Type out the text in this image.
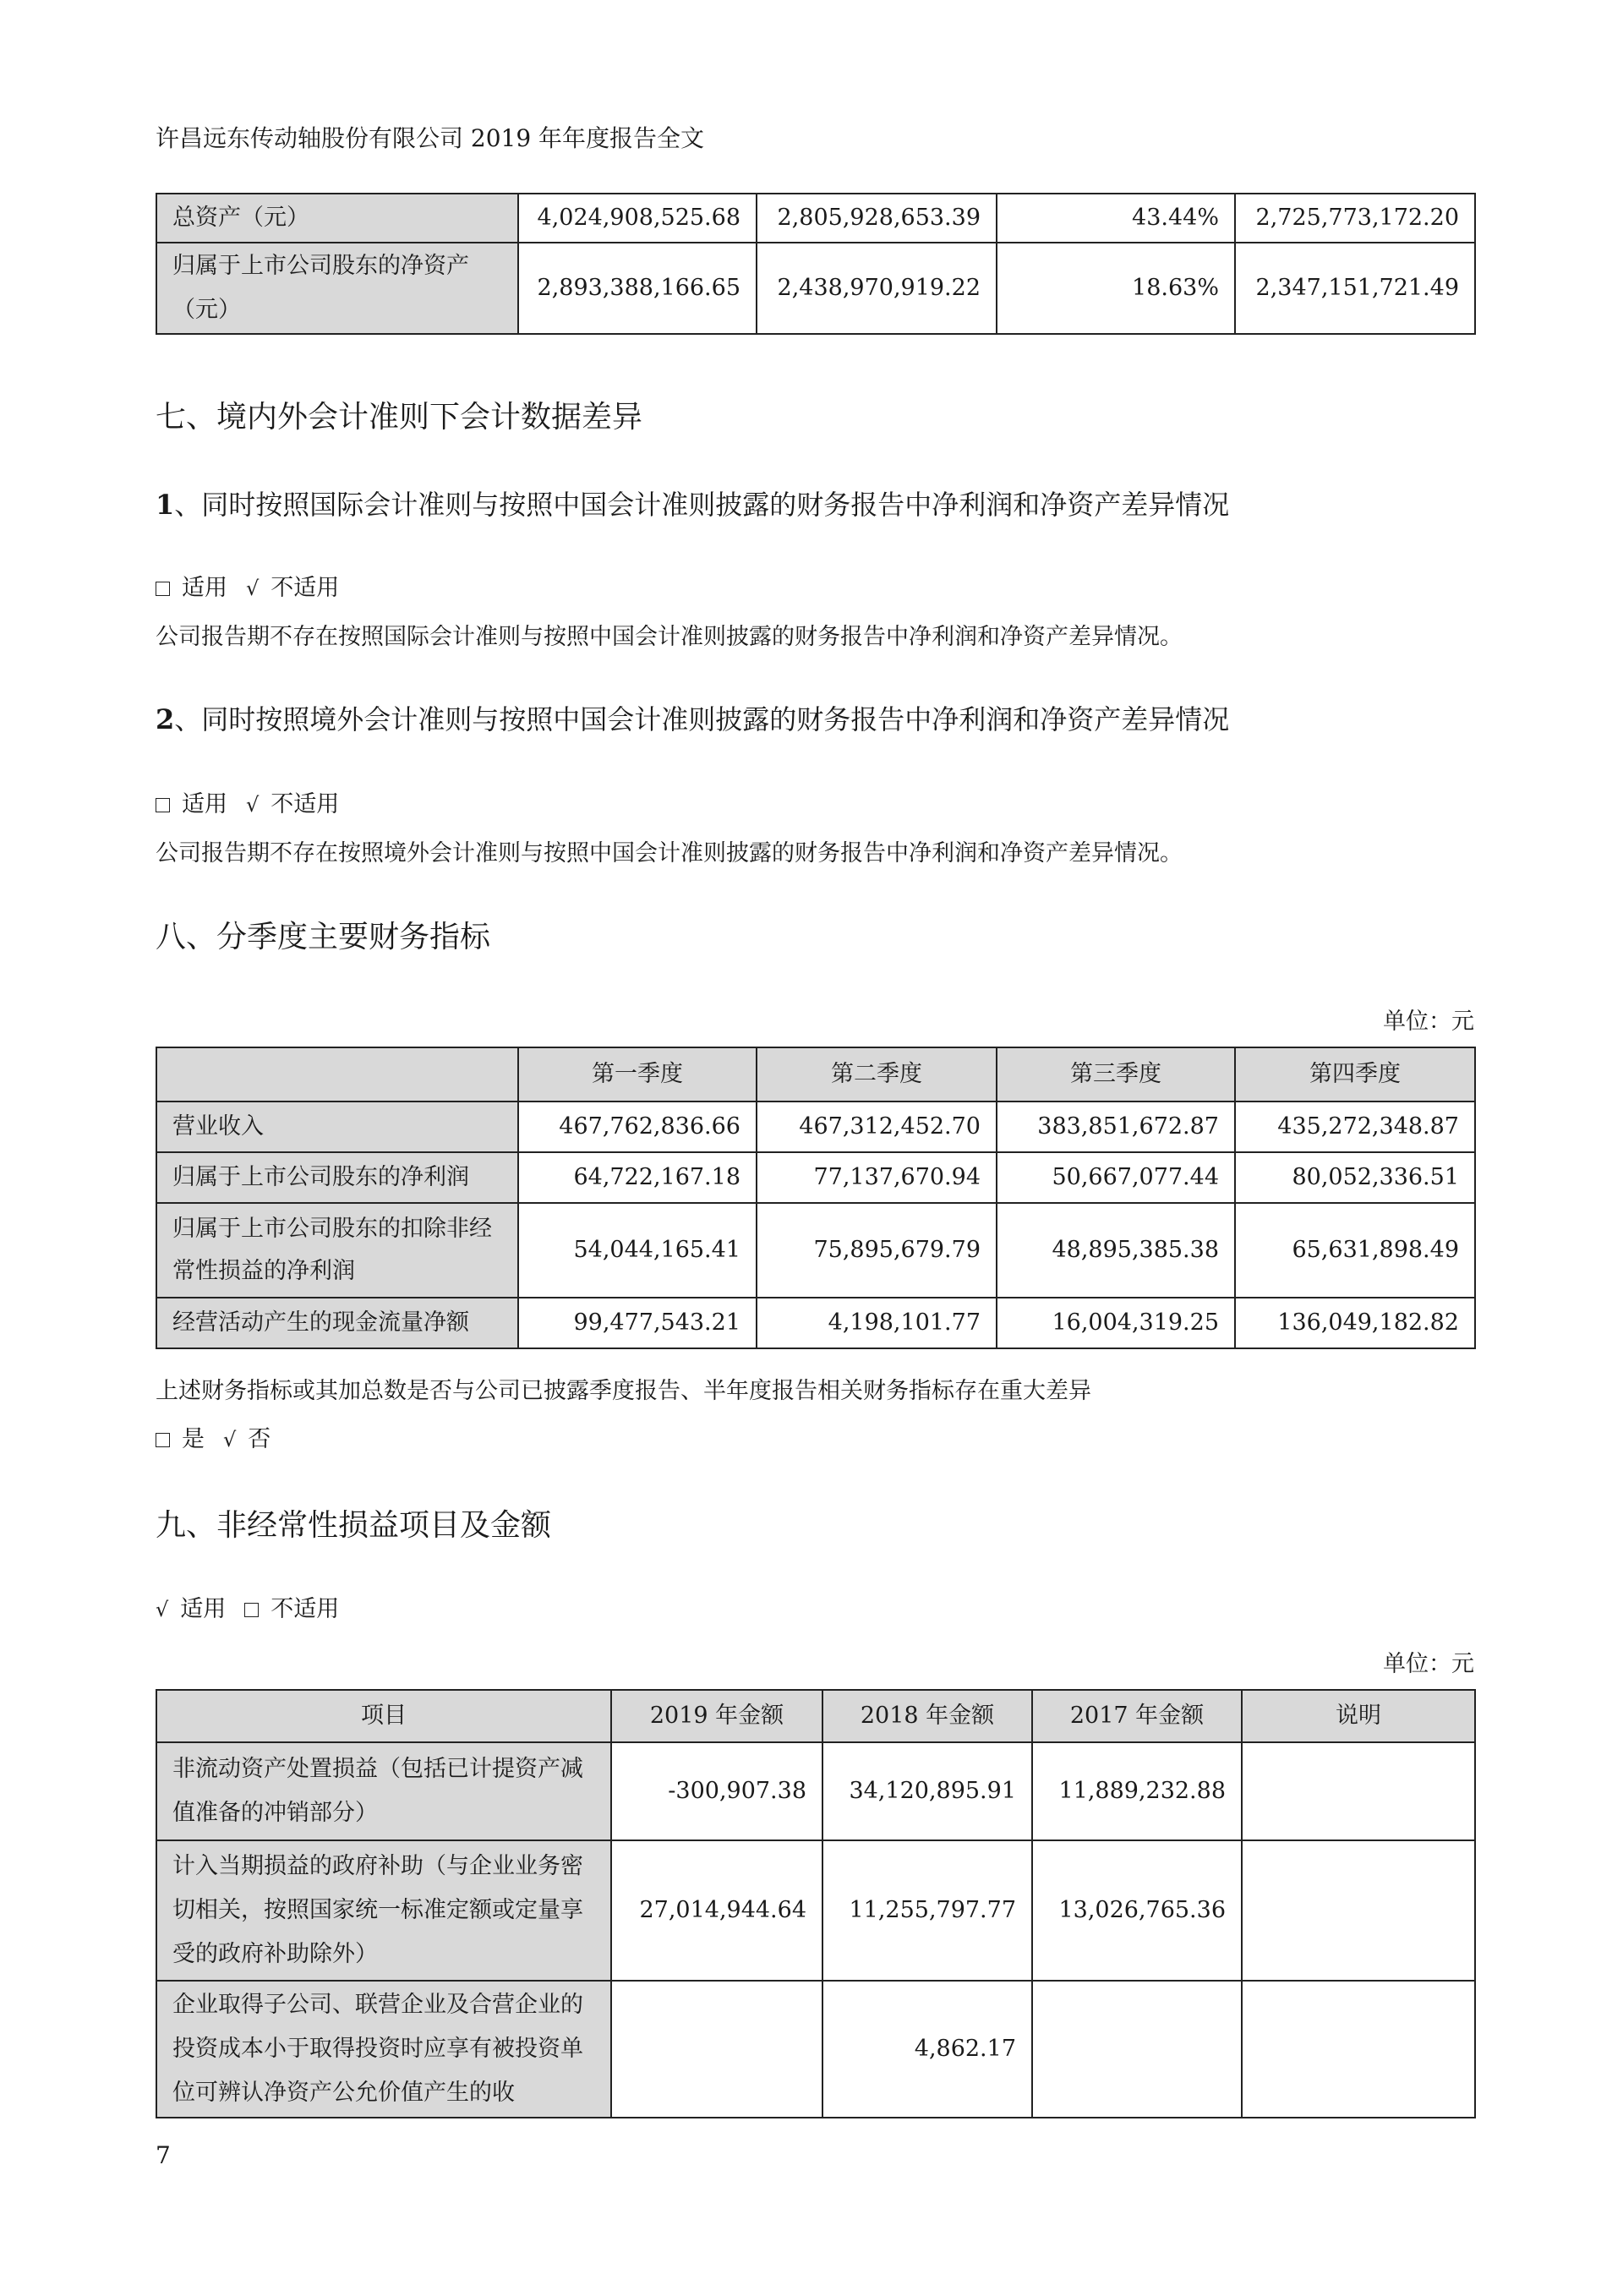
许昌远东传动轴股份有限公司 2019 年年度报告全文
总资产（元）	4,024,908,525.68	2,805,928,653.39	43.44%	2,725,773,172.20
归属于上市公司股东的净资产（元）	2,893,388,166.65	2,438,970,919.22	18.63%	2,347,151,721.49
七、境内外会计准则下会计数据差异
1、同时按照国际会计准则与按照中国会计准则披露的财务报告中净利润和净资产差异情况
适用 √ 不适用
公司报告期不存在按照国际会计准则与按照中国会计准则披露的财务报告中净利润和净资产差异情况。
2、同时按照境外会计准则与按照中国会计准则披露的财务报告中净利润和净资产差异情况
适用 √ 不适用
公司报告期不存在按照境外会计准则与按照中国会计准则披露的财务报告中净利润和净资产差异情况。
八、分季度主要财务指标
单位：元
	第一季度	第二季度	第三季度	第四季度
营业收入	467,762,836.66	467,312,452.70	383,851,672.87	435,272,348.87
归属于上市公司股东的净利润	64,722,167.18	77,137,670.94	50,667,077.44	80,052,336.51
归属于上市公司股东的扣除非经常性损益的净利润	54,044,165.41	75,895,679.79	48,895,385.38	65,631,898.49
经营活动产生的现金流量净额	99,477,543.21	4,198,101.77	16,004,319.25	136,049,182.82
上述财务指标或其加总数是否与公司已披露季度报告、半年度报告相关财务指标存在重大差异
是 √ 否
九、非经常性损益项目及金额
√ 适用 不适用
单位：元
项目	2019 年金额	2018 年金额	2017 年金额	说明
非流动资产处置损益（包括已计提资产减值准备的冲销部分）	-300,907.38	34,120,895.91	11,889,232.88	
计入当期损益的政府补助（与企业业务密切相关，按照国家统一标准定额或定量享受的政府补助除外）	27,014,944.64	11,255,797.77	13,026,765.36	
企业取得子公司、联营企业及合营企业的投资成本小于取得投资时应享有被投资单位可辨认净资产公允价值产生的收		4,862.17		
7
